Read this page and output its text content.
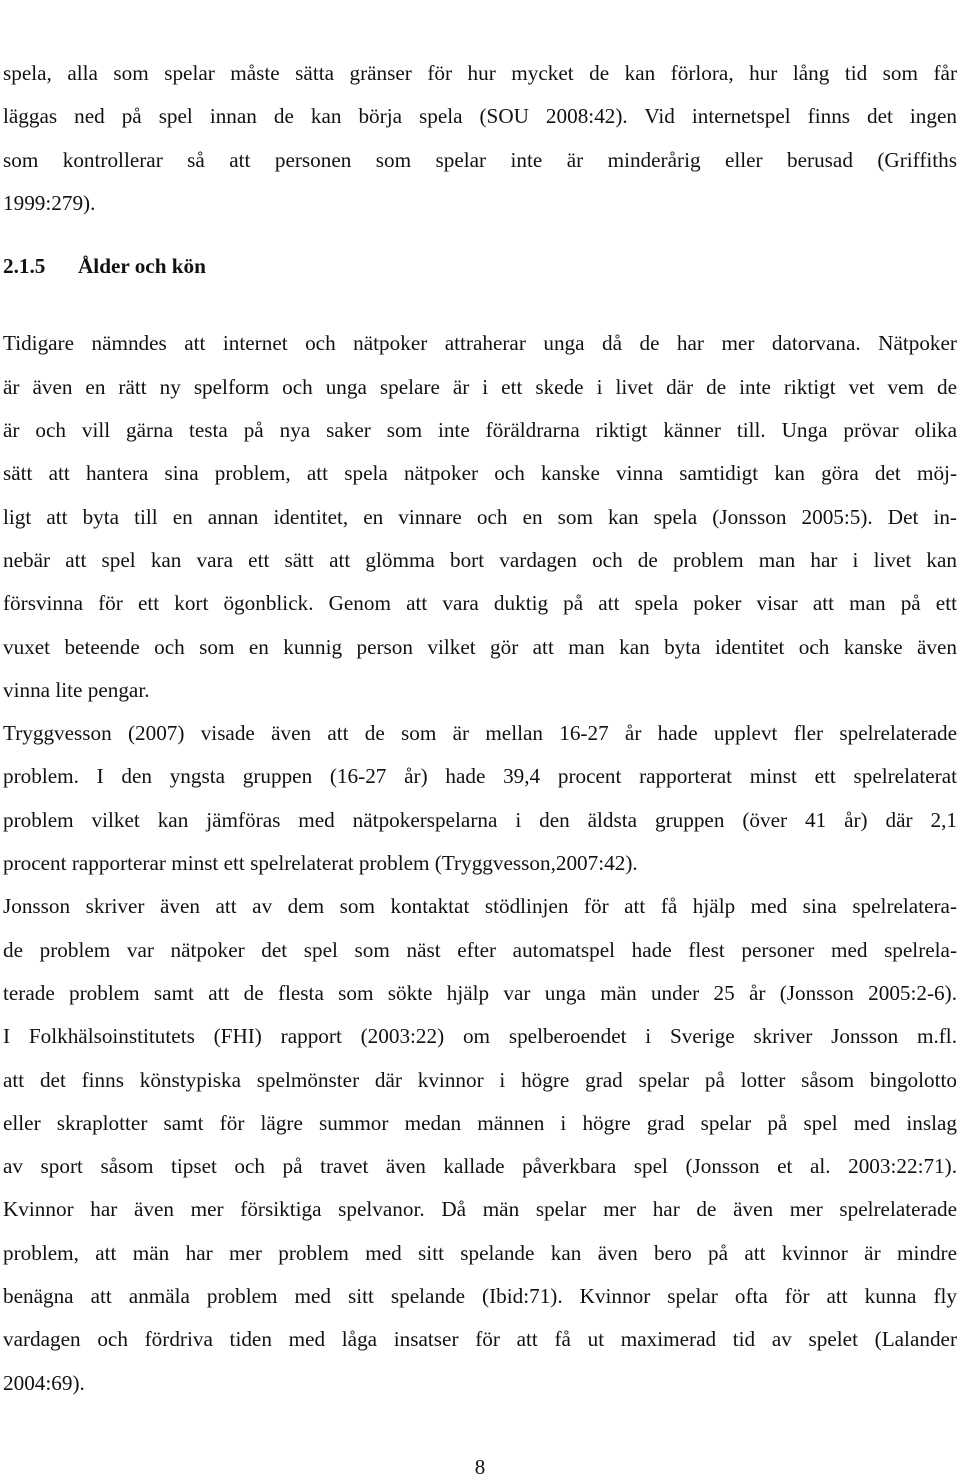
spela, alla som spelar måste sätta gränser för hur mycket de kan förlora, hur lång tid som får
läggas ned på spel innan de kan börja spela (SOU 2008:42). Vid internetspel finns det ingen
som kontrollerar så att personen som spelar inte är minderårig eller berusad (Griffiths
1999:279).

2.1.5 Ålder och kön

Tidigare nämndes att internet och nätpoker attraherar unga då de har mer datorvana. Nätpoker
är även en rätt ny spelform och unga spelare är i ett skede i livet där de inte riktigt vet vem de
är och vill gärna testa på nya saker som inte föräldrarna riktigt känner till. Unga prövar olika
sätt att hantera sina problem, att spela nätpoker och kanske vinna samtidigt kan göra det möj-
ligt att byta till en annan identitet, en vinnare och en som kan spela (Jonsson 2005:5). Det in-
nebär att spel kan vara ett sätt att glömma bort vardagen och de problem man har i livet kan
försvinna för ett kort ögonblick. Genom att vara duktig på att spela poker visar att man på ett
vuxet beteende och som en kunnig person vilket gör att man kan byta identitet och kanske även
vinna lite pengar.

Tryggvesson (2007) visade även att de som är mellan 16-27 år hade upplevt fler spelrelaterade
problem. I den yngsta gruppen (16-27 år) hade 39,4 procent rapporterat minst ett spelrelaterat
problem vilket kan jämföras med nätpokerspelarna i den äldsta gruppen (över 41 år) där 2,1
procent rapporterar minst ett spelrelaterat problem (Tryggvesson,2007:42).

Jonsson skriver även att av dem som kontaktat stödlinjen för att få hjälp med sina spelrelatera-
de problem var nätpoker det spel som näst efter automatspel hade flest personer med spelrela-
terade problem samt att de flesta som sökte hjälp var unga män under 25 år (Jonsson 2005:2-6).
I Folkhälsoinstitutets (FHI) rapport (2003:22) om spelberoendet i Sverige skriver Jonsson m.fl.
att det finns könstypiska spelmönster där kvinnor i högre grad spelar på lotter såsom bingolotto
eller skraplotter samt för lägre summor medan männen i högre grad spelar på spel med inslag
av sport såsom tipset och på travet även kallade påverkbara spel (Jonsson et al. 2003:22:71).
Kvinnor har även mer försiktiga spelvanor. Då män spelar mer har de även mer spelrelaterade
problem, att män har mer problem med sitt spelande kan även bero på att kvinnor är mindre
benägna att anmäla problem med sitt spelande (Ibid:71). Kvinnor spelar ofta för att kunna fly
vardagen och fördriva tiden med låga insatser för att få ut maximerad tid av spelet (Lalander
2004:69).

8
